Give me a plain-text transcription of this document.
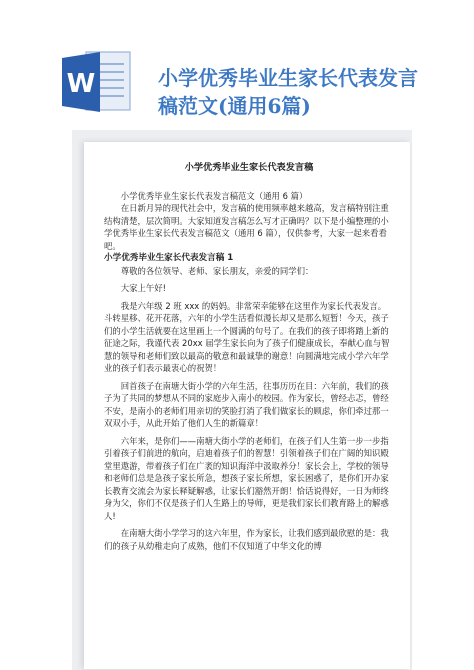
W	小学优秀毕业生家长代表发言
稿范文(通用6篇)
小学优秀毕业生家长代表发言稿

小学优秀毕业生家长代表发言稿范文（通用 6 篇）

在日新月异的现代社会中，发言稿的使用频率越来越高，发言稿特别注重结构清楚，层次简明。大家知道发言稿怎么写才正确吗？以下是小编整理的小学优秀毕业生家长代表发言稿范文（通用 6 篇），仅供参考，大家一起来看看吧。

小学优秀毕业生家长代表发言稿 1

尊敬的各位领导、老师、家长朋友，亲爱的同学们：

大家上午好!

我是六年级 2 班 xxx 的妈妈。非常荣幸能够在这里作为家长代表发言。斗转星移、花开花落，六年的小学生活看似漫长却又是那么短暂！今天，孩子们的小学生活就要在这里画上一个圆满的句号了。在我们的孩子即将踏上新的征途之际，我谨代表 20xx 届学生家长向为了孩子们健康成长，奉献心血与智慧的领导和老师们致以最高的敬意和最诚挚的谢意！向圆满地完成小学六年学业的孩子们表示最衷心的祝贺！

回首孩子在南塘大街小学的六年生活，往事历历在目：六年前，我们的孩子为了共同的梦想从不同的家庭步入南小的校园。作为家长，曾经忐忑，曾经不安，是南小的老师们用亲切的笑脸打消了我们做家长的顾虑，你们牵过那一双双小手，从此开始了他们人生的新篇章！

六年来，是你们——南塘大街小学的老师们，在孩子们人生第一步一步指引着孩子们前进的航向，启迪着孩子们的智慧！引领着孩子们在广阔的知识殿堂里遨游，带着孩子们在广袤的知识海洋中汲取养分！家长会上，学校的领导和老师们总是急孩子家长所急，想孩子家长所想，家长困惑了，是你们开办家长教育交流会为家长释疑解惑，让家长们豁然开朗！恰话说得好，一日为师终身为父，你们不仅是孩子们人生路上的导师，更是我们家长们教育路上的解惑人!

在南塘大街小学学习的这六年里，作为家长，让我们感到最欣慰的是：我们的孩子从幼稚走向了成熟，他们不仅知道了中华文化的博
